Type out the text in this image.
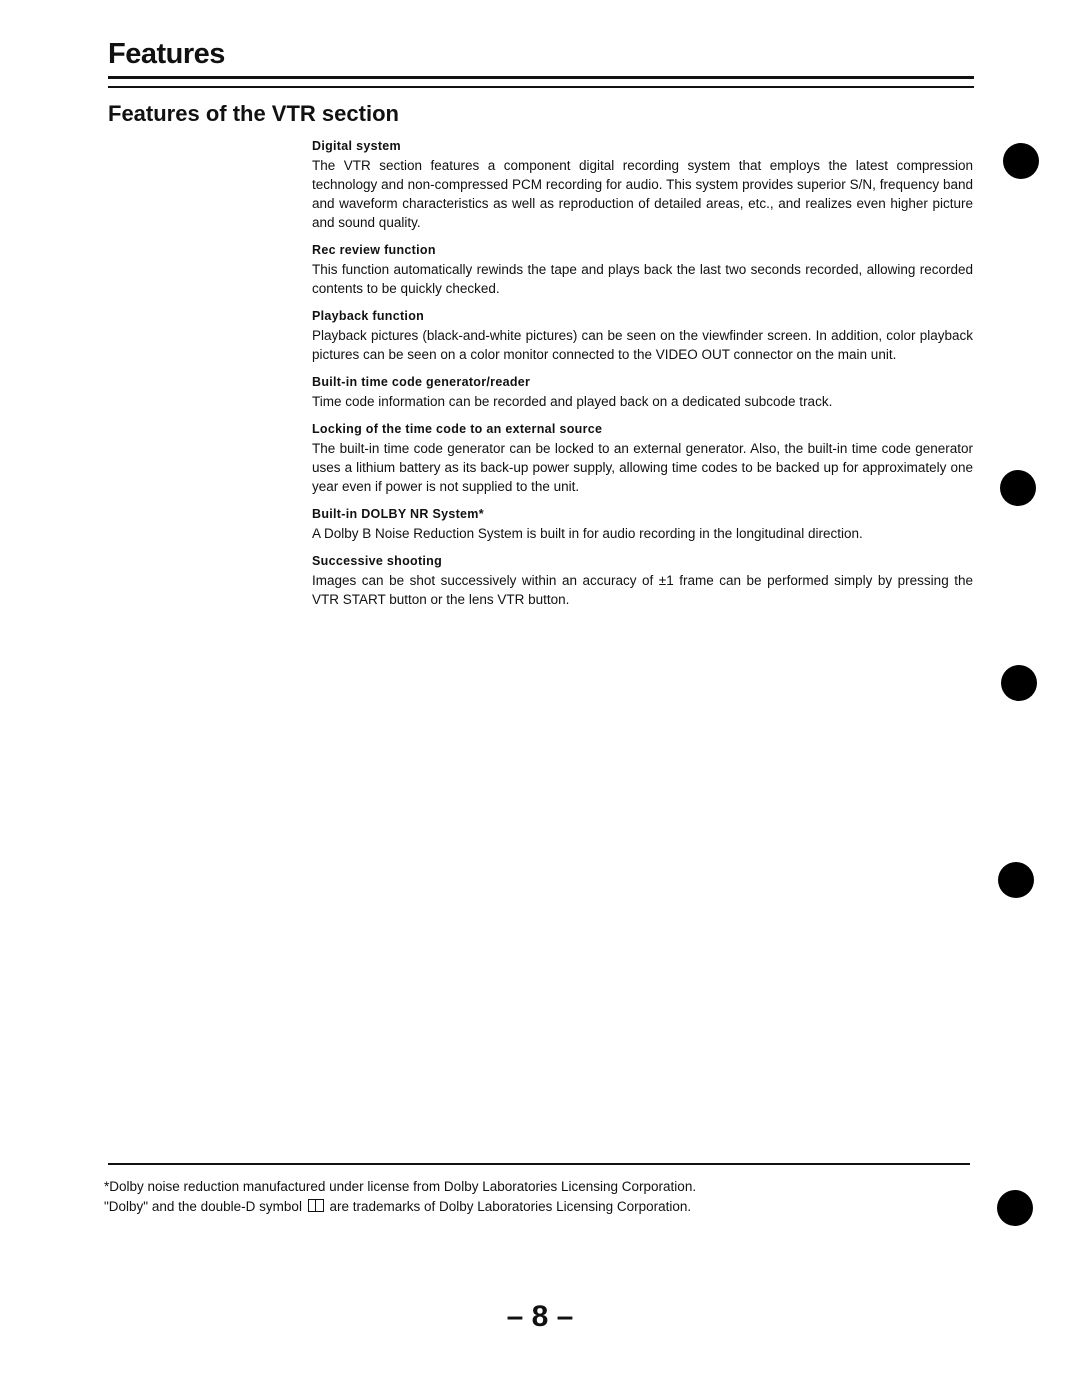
Features
Features of the VTR section

Digital system

The VTR section features a component digital recording system that employs the latest compression technology and non-compressed PCM recording for audio. This system provides superior S/N, frequency band and waveform characteristics as well as reproduction of detailed areas, etc., and realizes even higher picture and sound quality.

Rec review function

This function automatically rewinds the tape and plays back the last two seconds recorded, allowing recorded contents to be quickly checked.

Playback function

Playback pictures (black-and-white pictures) can be seen on the viewfinder screen. In addition, color playback pictures can be seen on a color monitor connected to the VIDEO OUT connector on the main unit.

Built-in time code generator/reader

Time code information can be recorded and played back on a dedicated subcode track.

Locking of the time code to an external source

The built-in time code generator can be locked to an external generator. Also, the built-in time code generator uses a lithium battery as its back-up power supply, allowing time codes to be backed up for approximately one year even if power is not supplied to the unit.

Built-in DOLBY NR System*

A Dolby B Noise Reduction System is built in for audio recording in the longitudinal direction.

Successive shooting

Images can be shot successively within an accuracy of ±1 frame can be performed simply by pressing the VTR START button or the lens VTR button.

*Dolby noise reduction manufactured under license from Dolby Laboratories Licensing Corporation.

"Dolby" and the double-D symbol are trademarks of Dolby Laboratories Licensing Corporation.

– 8 –
